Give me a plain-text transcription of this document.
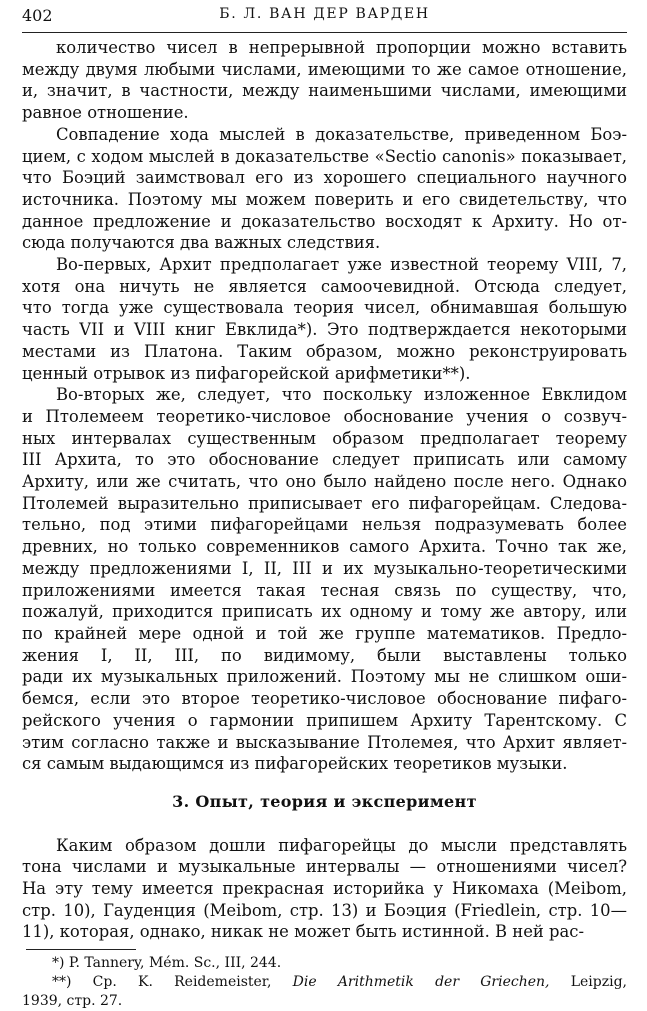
402	Б. Л. ВАН ДЕР ВАРДЕН

количество чисел в непрерывной пропорции можно вставить
между двумя любыми числами, имеющими то же самое отношение,
и, значит, в частности, между наименьшими числами, имеющими
равное отношение.

Совпадение хода мыслей в доказательстве, приведенном Боэ-
цием, с ходом мыслей в доказательстве «Sectio canonis» показывает,
что Боэций заимствовал его из хорошего специального научного
источника. Поэтому мы можем поверить и его свидетельству, что
данное предложение и доказательство восходят к Архиту. Но от-
сюда получаются два важных следствия.

Во-первых, Архит предполагает уже известной теорему VIII, 7,
хотя она ничуть не является самоочевидной. Отсюда следует,
что тогда уже существовала теория чисел, обнимавшая большую
часть VII и VIII книг Евклида*). Это подтверждается некоторыми
местами из Платона. Таким образом, можно реконструировать
ценный отрывок из пифагорейской арифметики**).

Во-вторых же, следует, что поскольку изложенное Евклидом
и Птолемеем теоретико-числовое обоснование учения о созвуч-
ных интервалах существенным образом предполагает теорему
III Архита, то это обоснование следует приписать или самому
Архиту, или же считать, что оно было найдено после него. Однако
Птолемей выразительно приписывает его пифагорейцам. Следова-
тельно, под этими пифагорейцами нельзя подразумевать более
древних, но только современников самого Архита. Точно так же,
между предложениями I, II, III и их музыкально-теоретическими
приложениями имеется такая тесная связь по существу, что,
пожалуй, приходится приписать их одному и тому же автору, или
по крайней мере одной и той же группе математиков. Предло-
жения I, II, III, по видимому, были выставлены только
ради их музыкальных приложений. Поэтому мы не слишком оши-
бемся, если это второе теоретико-числовое обоснование пифаго-
рейского учения о гармонии припишем Архиту Тарентскому. С
этим согласно также и высказывание Птолемея, что Архит являет-
ся самым выдающимся из пифагорейских теоретиков музыки.

3. Опыт, теория и эксперимент

Каким образом дошли пифагорейцы до мысли представлять
тона числами и музыкальные интервалы — отношениями чисел?
На эту тему имеется прекрасная историйка у Никомаха (Meibom,
стр. 10), Гауденция (Meibom, стр. 13) и Боэция (Friedlein, стр. 10—
11), которая, однако, никак не может быть истинной. В ней рас-

*) P. Tannery, Mém. Sc., III, 244.
**) Cp. K. Reidemeister, Die Arithmetik der Griechen, Leipzig,
1939, стр. 27.
